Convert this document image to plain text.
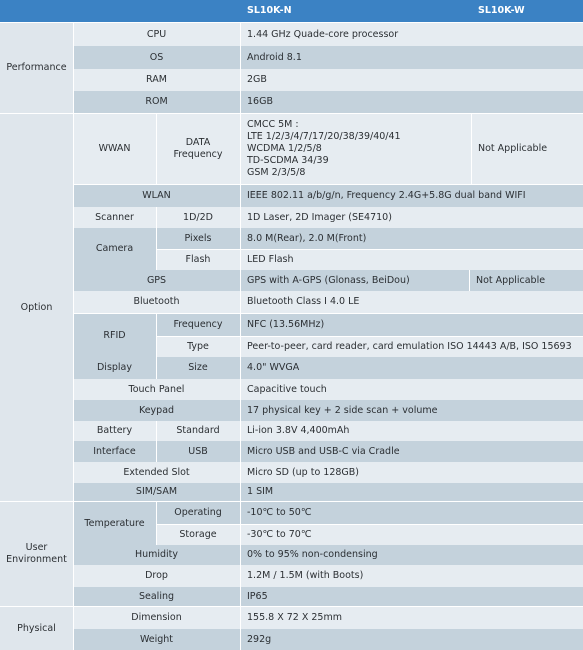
SL10K-N	SL10K-W
Performance
CPU	1.44 GHz Quade-core processor
OS	Android 8.1
RAM	2GB
ROM	16GB
Option
WWAN
DATA Frequency
CMCC 5M :
LTE 1/2/3/4/7/17/20/38/39/40/41
WCDMA 1/2/5/8
TD-SCDMA 34/39
GSM 2/3/5/8
Not Applicable
WLAN	IEEE 802.11 a/b/g/n, Frequency 2.4G+5.8G dual band WIFI
Scanner	1D/2D	1D Laser, 2D Imager (SE4710)
Camera
Pixels	8.0 M(Rear), 2.0 M(Front)
Flash	LED Flash
GPS	GPS with A-GPS (Glonass, BeiDou)	Not Applicable
Bluetooth	Bluetooth Class I 4.0 LE
RFID
Frequency	NFC (13.56MHz)
Type	Peer-to-peer, card reader, card emulation ISO 14443 A/B, ISO 15693
Display	Size	4.0" WVGA
Touch Panel	Capacitive touch
Keypad	17 physical key + 2 side scan + volume
Battery	Standard	Li-ion 3.8V 4,400mAh
Interface	USB	Micro USB and USB-C via Cradle
Extended Slot	Micro SD (up to 128GB)
SIM/SAM	1 SIM
User
Environment
Temperature
Operating	-10℃ to 50℃
Storage	-30℃ to 70℃
Humidity	0% to 95% non-condensing
Drop	1.2M / 1.5M (with Boots)
Sealing	IP65
Physical
Dimension	155.8 X 72 X 25mm
Weight	292g
